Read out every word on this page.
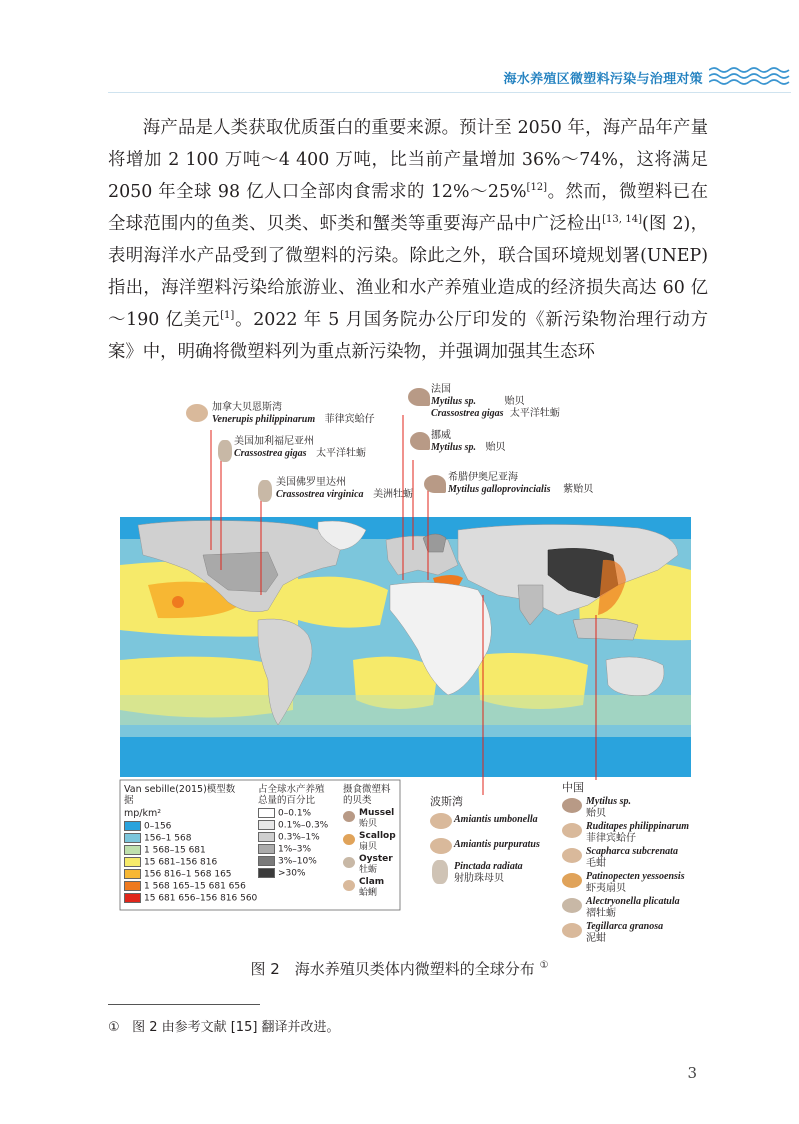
海水养殖区微塑料污染与治理对策

海产品是人类获取优质蛋白的重要来源。预计至 2050 年，海产品年产量将增加 2 100 万吨～4 400 万吨，比当前产量增加 36%～74%，这将满足 2050 年全球 98 亿人口全部肉食需求的 12%～25%[12]。然而，微塑料已在全球范围内的鱼类、贝类、虾类和蟹类等重要海产品中广泛检出[13, 14](图 2)，表明海洋水产品受到了微塑料的污染。除此之外，联合国环境规划署(UNEP)指出，海洋塑料污染给旅游业、渔业和水产养殖业造成的经济损失高达 60 亿～190 亿美元[1]。2022 年 5 月国务院办公厅印发的《新污染物治理行动方案》中，明确将微塑料列为重点新污染物，并强调加强其生态环

加拿大贝恩斯湾
Venerupis philippinarum 菲律宾蛤仔
美国加利福尼亚州
Crassostrea gigas 太平洋牡蛎
美国佛罗里达州
Crassostrea virginica 美洲牡蛎
法国
Mytilus sp.	贻贝
Crassostrea gigas 太平洋牡蛎
挪威
Mytilus sp. 贻贝
希腊伊奥尼亚海
Mytilus galloprovincialis 紫贻贝
Van sebille(2015)模型数据
mp/km²
0–156
156–1 568
1 568–15 681
15 681–156 816
156 816–1 568 165
1 568 165–15 681 656
15 681 656–156 816 560
占全球水产养殖总量的百分比
0–0.1%
0.1%–0.3%
0.3%–1%
1%–3%
3%–10%
>30%
摄食微塑料的贝类
Mussel
贻贝
Scallop
扇贝
Oyster
牡蛎
Clam
蛤蜊
波斯湾
Amiantis umbonella
Amiantis purpuratus
Pinctada radiata
射肋珠母贝
中国
Mytilus sp.
贻贝
Ruditapes philippinarum
菲律宾蛤仔
Scapharca subcrenata
毛蚶
Patinopecten yessoensis
虾夷扇贝
Alectryonella plicatula
褶牡蛎
Tegillarca granosa
泥蚶
图 2　海水养殖贝类体内微塑料的全球分布 ①
① 图 2 由参考文献 [15] 翻译并改进。
3
